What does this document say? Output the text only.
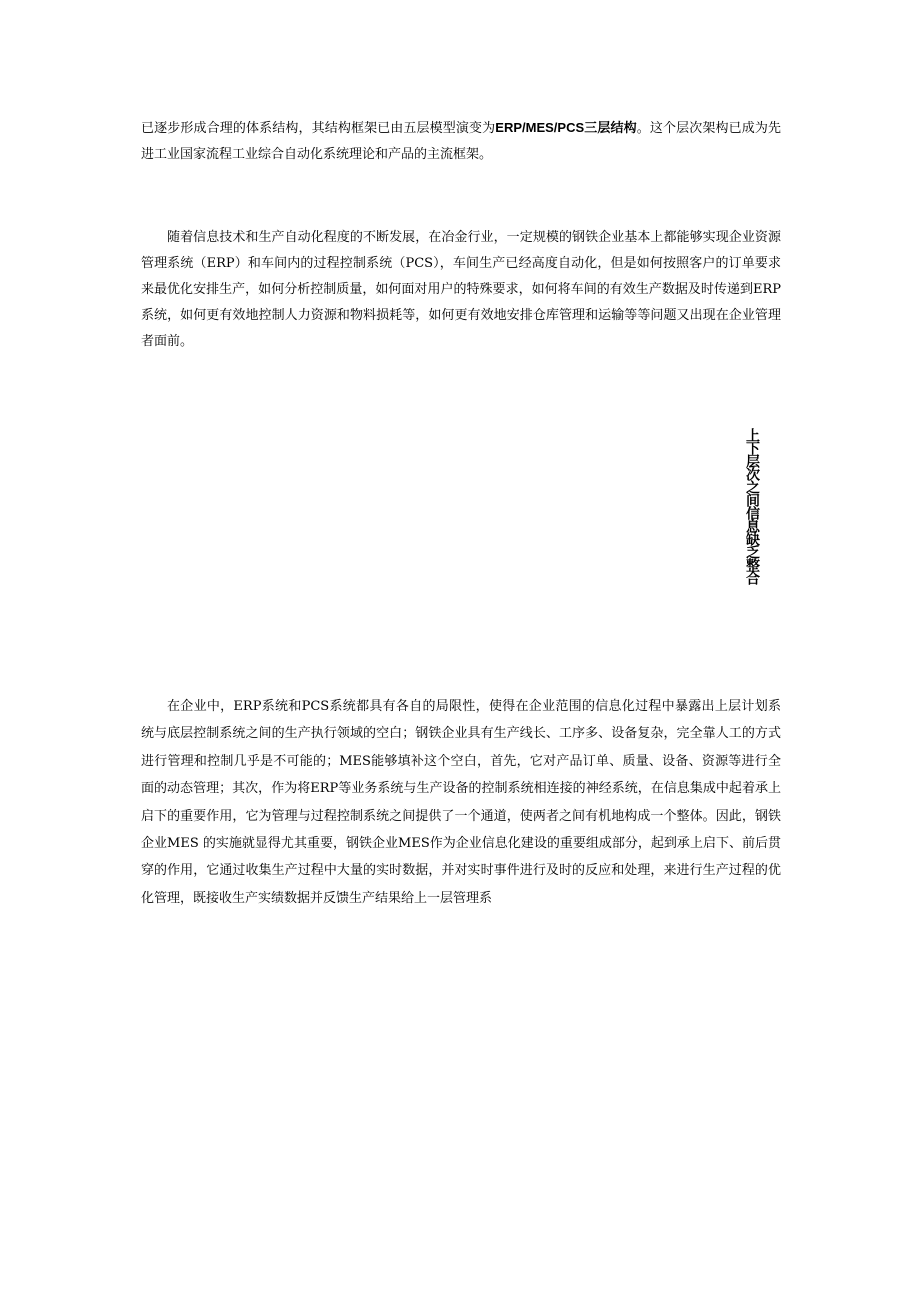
已逐步形成合理的体系结构，其结构框架已由五层模型演变为ERP/MES/PCS三层结构。这个层次架构已成为先进工业国家流程工业综合自动化系统理论和产品的主流框架。

随着信息技术和生产自动化程度的不断发展，在冶金行业，一定规模的钢铁企业基本上都能够实现企业资源管理系统（ERP）和车间内的过程控制系统（PCS），车间生产已经高度自动化，但是如何按照客户的订单要求来最优化安排生产，如何分析控制质量，如何面对用户的特殊要求，如何将车间的有效生产数据及时传递到ERP 系统，如何更有效地控制人力资源和物料损耗等，如何更有效地安排仓库管理和运输等等问题又出现在企业管理者面前。

上下层次之间信息缺乏整合

在企业中，ERP系统和PCS系统都具有各自的局限性，使得在企业范围的信息化过程中暴露出上层计划系统与底层控制系统之间的生产执行领域的空白；钢铁企业具有生产线长、工序多、设备复杂，完全靠人工的方式进行管理和控制几乎是不可能的；MES能够填补这个空白，首先，它对产品订单、质量、设备、资源等进行全面的动态管理；其次，作为将ERP等业务系统与生产设备的控制系统相连接的神经系统，在信息集成中起着承上启下的重要作用，它为管理与过程控制系统之间提供了一个通道，使两者之间有机地构成一个整体。因此，钢铁企业MES 的实施就显得尤其重要，钢铁企业MES作为企业信息化建设的重要组成部分，起到承上启下、前后贯穿的作用，它通过收集生产过程中大量的实时数据，并对实时事件进行及时的反应和处理，来进行生产过程的优化管理，既接收生产实绩数据并反馈生产结果给上一层管理系
